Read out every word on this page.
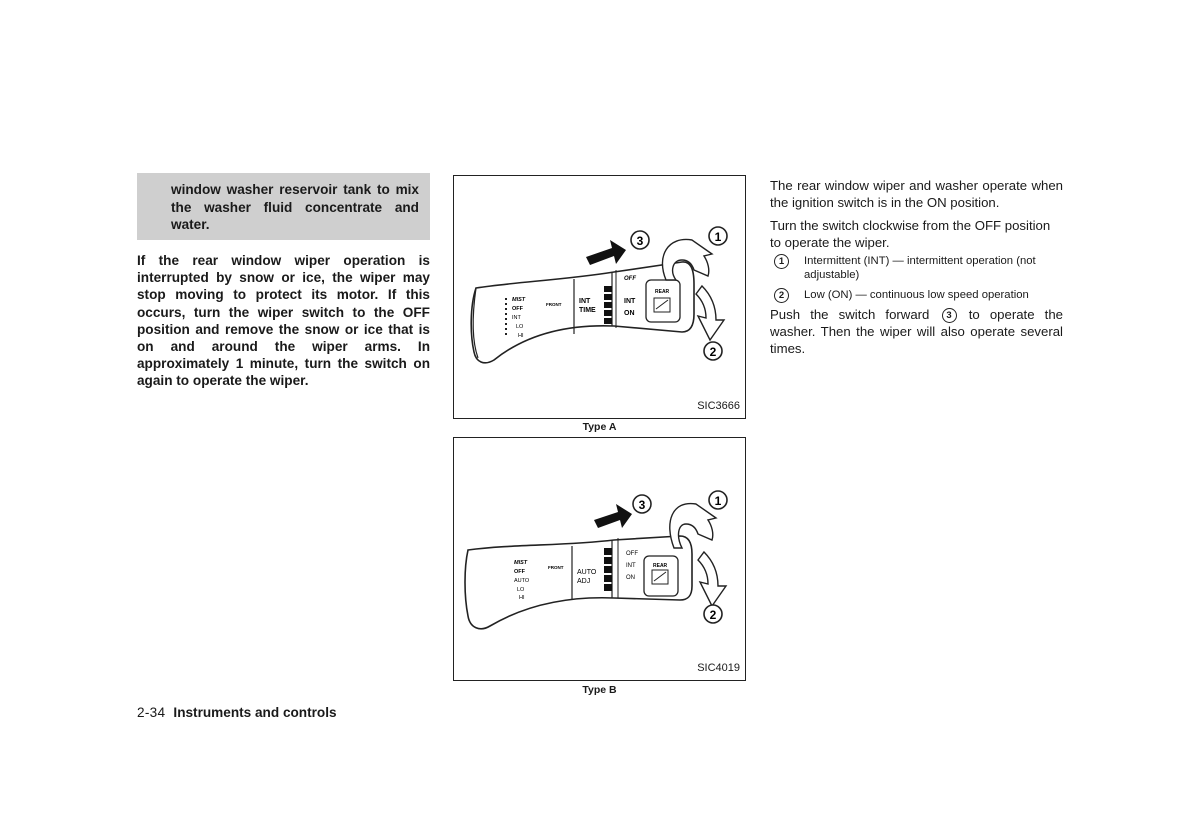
window washer reservoir tank to mix the washer fluid concentrate and water.
If the rear window wiper operation is interrupted by snow or ice, the wiper may stop moving to protect its motor. If this occurs, turn the wiper switch to the OFF position and remove the snow or ice that is on and around the wiper arms. In approximately 1 minute, turn the switch on again to operate the wiper.
MIST
OFF
INT
LO
HI
FRONT	INT
TIME
OFF
INT
ON
REAR
3	1
2
SIC3666
Type A
MIST
OFF
AUTO
LO
HI
FRONT
AUTO
ADJ
OFF
INT
ON
REAR
3	1
2
SIC4019
Type B
The rear window wiper and washer operate when the ignition switch is in the ON position.
Turn the switch clockwise from the OFF position to operate the wiper.
1	Intermittent (INT) — intermittent operation (not adjustable)
2	Low (ON) — continuous low speed operation
Push the switch forward 3 to operate the washer. Then the wiper will also operate several times.
2-34 Instruments and controls
